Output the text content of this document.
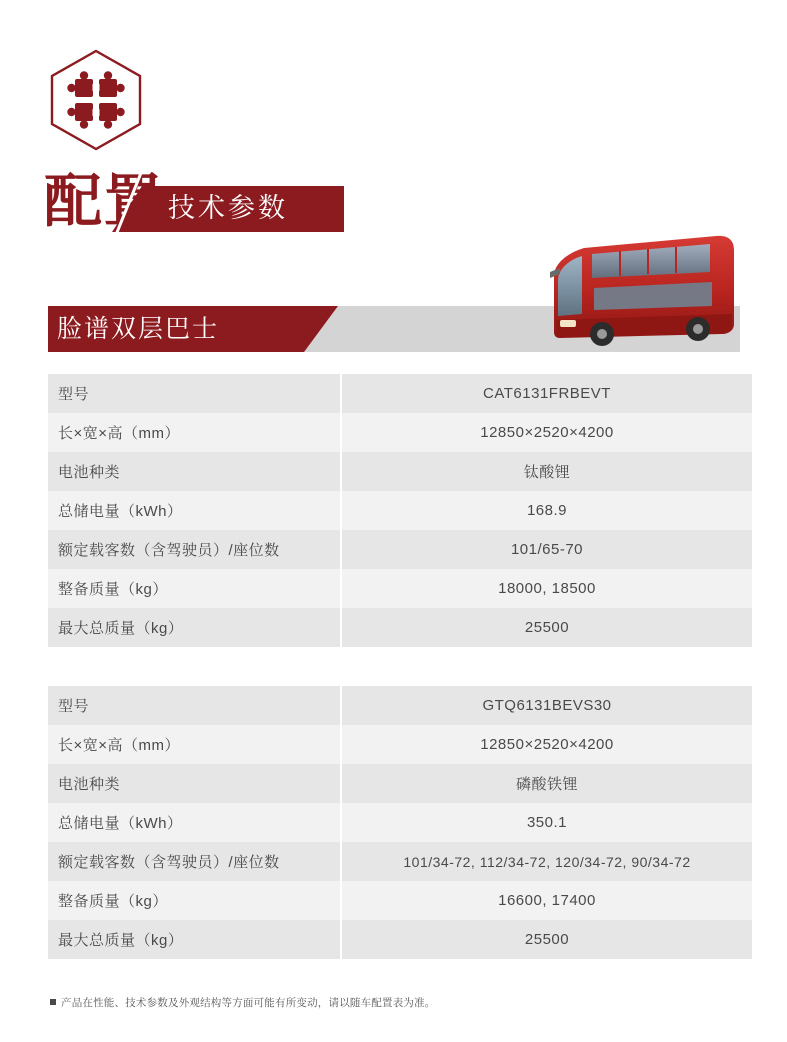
配置 技术参数
脸谱双层巴士
型号	CAT6131FRBEVT
长×宽×高（mm）	12850×2520×4200
电池种类	钛酸锂
总储电量（kWh）	168.9
额定载客数（含驾驶员）/座位数	101/65-70
整备质量（kg）	18000, 18500
最大总质量（kg）	25500
型号	GTQ6131BEVS30
长×宽×高（mm）	12850×2520×4200
电池种类	磷酸铁锂
总储电量（kWh）	350.1
额定载客数（含驾驶员）/座位数	101/34-72, 112/34-72, 120/34-72, 90/34-72
整备质量（kg）	16600, 17400
最大总质量（kg）	25500
产品在性能、技术参数及外观结构等方面可能有所变动，请以随车配置表为准。
